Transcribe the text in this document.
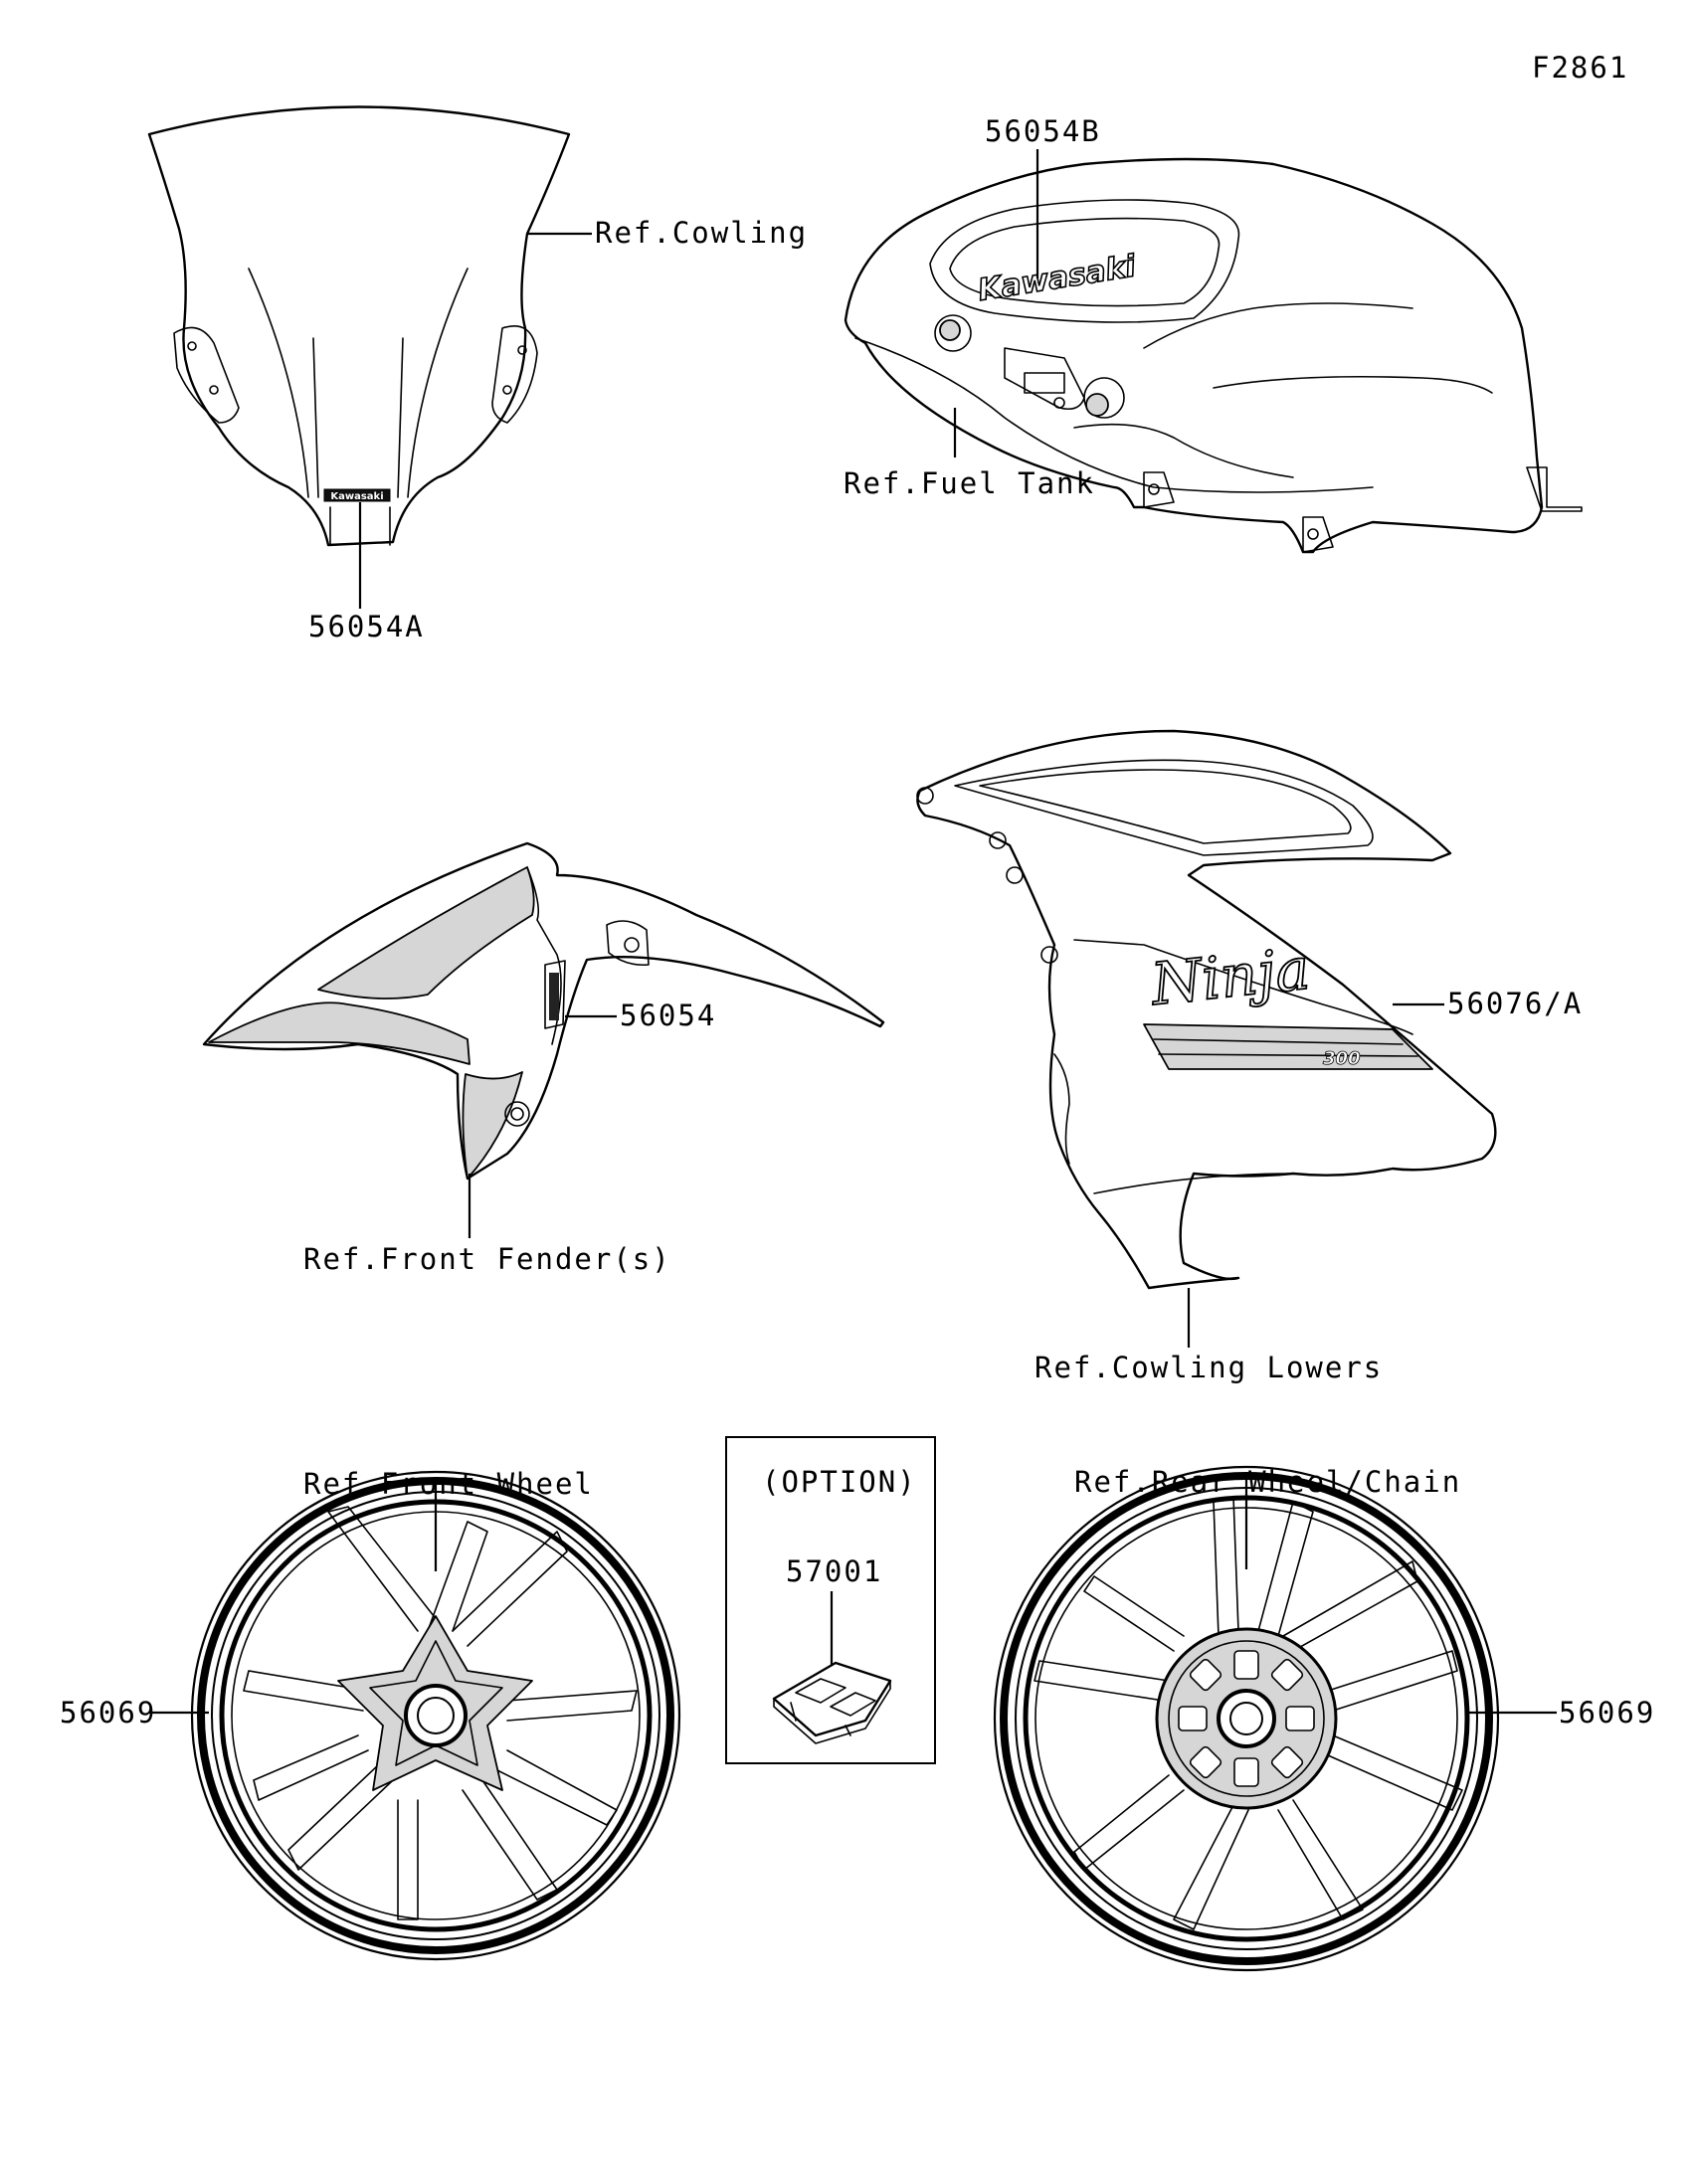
F2861
Kawasaki
56054A
Ref.Cowling
Kawasaki
56054B
Ref.Fuel Tank
56054
Ref.Front Fender(s)
Ninja
300
56076/A
Ref.Cowling Lowers
(OPTION)
57001
Ref.Front Wheel
56069
Ref.Rear Wheel/Chain
56069
